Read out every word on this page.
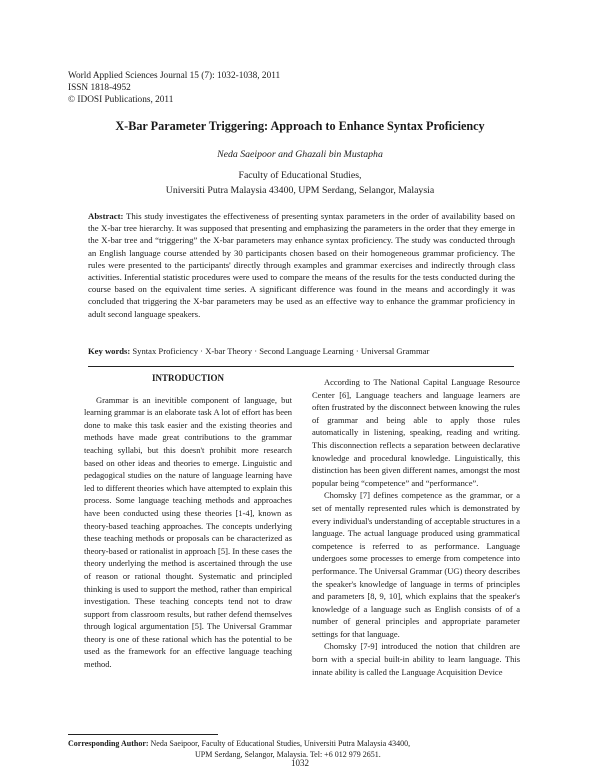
World Applied Sciences Journal 15 (7): 1032-1038, 2011
ISSN 1818-4952
© IDOSI Publications, 2011
X-Bar Parameter Triggering: Approach to Enhance Syntax Proficiency
Neda Saeipoor and Ghazali bin Mustapha
Faculty of Educational Studies,
Universiti Putra Malaysia 43400, UPM Serdang, Selangor, Malaysia
Abstract: This study investigates the effectiveness of presenting syntax parameters in the order of availability based on the X-bar tree hierarchy. It was supposed that presenting and emphasizing the parameters in the order that they emerge in the X-bar tree and “triggering” the X-bar parameters may enhance syntax proficiency. The study was conducted through an English language course attended by 30 participants chosen based on their homogeneous grammar proficiency. The rules were presented to the participants' directly through examples and grammar exercises and indirectly through class activities. Inferential statistic procedures were used to compare the means of the results for the tests conducted during the course based on the equivalent time series. A significant difference was found in the means and accordingly it was concluded that triggering the X-bar parameters may be used as an effective way to enhance the grammar proficiency in adult second language speakers.
Key words: Syntax Proficiency · X-bar Theory · Second Language Learning · Universal Grammar
INTRODUCTION

Grammar is an inevitible component of language, but learning grammar is an elaborate task A lot of effort has been done to make this task easier and the existing theories and methods have made great contributions to the grammar teaching syllabi, but this doesn't prohibit more research based on other ideas and theories to emerge. Linguistic and pedagogical studies on the nature of language learning have led to different theories which have attempted to explain this process. Some language teaching methods and approaches have been conducted using these theories [1-4], known as theory-based teaching approaches. The concepts underlying these teaching methods or proposals can be characterized as theory-based or rationalist in approach [5]. In these cases the theory underlying the method is ascertained through the use of reason or rational thought. Systematic and principled thinking is used to support the method, rather than empirical investigation. These teaching concepts tend not to draw support from classroom results, but rather defend themselves through logical argumentation [5]. The Universal Grammar theory is one of these rational which has the potential to be used as the framework for an effective language teaching method.

According to The National Capital Language Resource Center [6], Language teachers and language learners are often frustrated by the disconnect between knowing the rules of grammar and being able to apply those rules automatically in listening, speaking, reading and writing. This disconnection reflects a separation between declarative knowledge and procedural knowledge. Linguistically, this distinction has been given different names, amongst the most popular being “competence” and “performance”.

Chomsky [7] defines competence as the grammar, or a set of mentally represented rules which is demonstrated by every individual's understanding of acceptable structures in a language. The actual language produced using grammatical competence is referred to as performance. Language undergoes some processes to emerge from competence into performance. The Universal Grammar (UG) theory describes the speaker's knowledge of language in terms of principles and parameters [8, 9, 10], which explains that the speaker's knowledge of a language such as English consists of of a number of general principles and appropriate parameter settings for that language.

Chomsky [7-9] introduced the notion that children are born with a special built-in ability to learn language. This innate ability is called the Language Acquisition Device

Corresponding Author: Neda Saeipoor, Faculty of Educational Studies, Universiti Putra Malaysia 43400,
UPM Serdang, Selangor, Malaysia. Tel: +6 012 979 2651.
1032
